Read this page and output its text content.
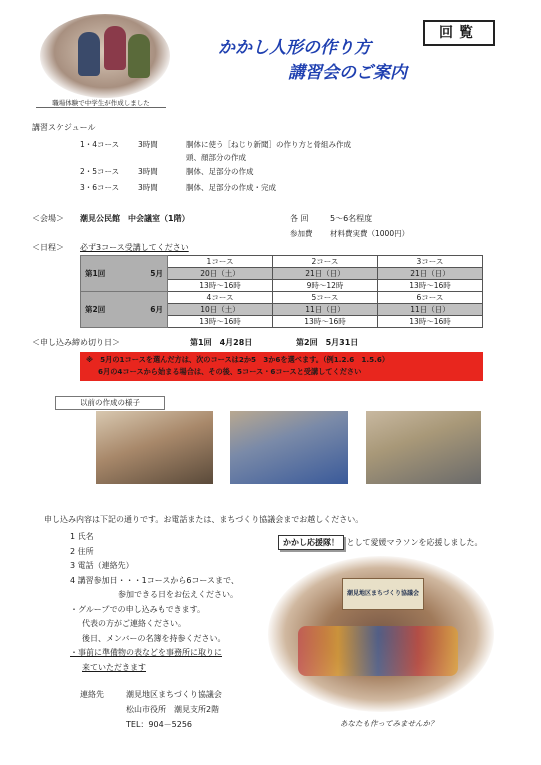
職場体験で中学生が作成しました
回覧
かかし人形の作り方
講習会のご案内
講習スケジュール
1・4コース	3時間	胴体に使う［ねじり新聞］の作り方と骨組み作成
頭、顔部分の作成
2・5コース	3時間	胴体、足部分の作成
3・6コース	3時間	胴体、足部分の作成・完成
＜会場＞ 潮見公民館　中会議室（1階）	各 回	5～6名程度
参加費 材料費実費（1000円）
＜日程＞ 必ず3コース受講してください
	1コース	2コース	3コース
第1回 5月	20日（土）	21日（日）	21日（日）
	13時～16時	9時～12時	13時～16時
	4コース	5コース	6コース
第2回 6月	10日（土）	11日（日）	11日（日）
	13時～16時	13時～16時	13時～16時
＜申し込み締め切り日＞	第1回　4月28日	第2回　5月31日
※　5月の1コースを選んだ方は、次のコースは2か5　3か6を選べます。（例1.2.6　1.5.6）
6月の4コースから始まる場合は、その後、5コース・6コースと受講してください
以前の作成の様子
申し込み内容は下記の通りです。お電話または、まちづくり協議会までお越しください。
1 氏名
2 住所
3 電話（連絡先）
4 講習参加日・・・1コースから6コースまで、
参加できる日をお伝えください。
・グループでの申し込みもできます。
代表の方がご連絡ください。
後日、メンバーの名簿を持参ください。
・事前に準備物の表などを事務所に取りに
来ていただきます
連絡先	潮見地区まちづくり協議会
松山市役所　潮見支所2階
TEL：904－5256
かかし応援隊！ として愛媛マラソンを応援しました。
潮見地区まちづくり協議会
あなたも作ってみませんか？
